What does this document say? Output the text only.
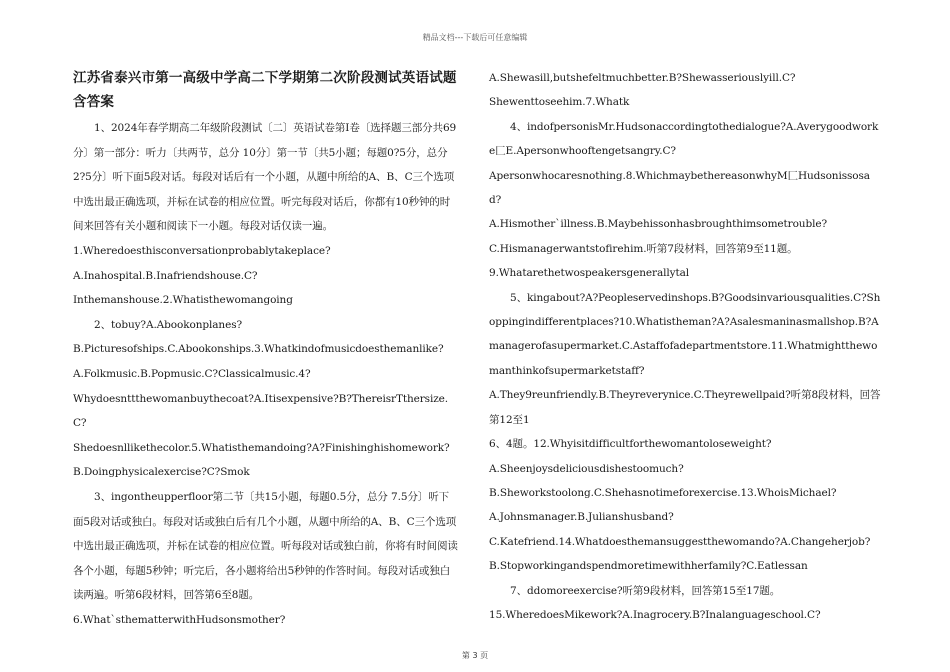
精品文档---下载后可任意编辑
江苏省泰兴市第一高级中学高二下学期第二次阶段测试英语试题含答案

1、2024年春学期高二年级阶段测试〔二〕英语试卷第Ⅰ卷〔选择题三部分共69分〕第一部分：听力〔共两节，总分 10分〕第一节〔共5小题；每题0?5分，总分 2?5分〕听下面5段对话。每段对话后有一个小题，从题中所给的A、B、C三个选项中选出最正确选项，并标在试卷的相应位置。听完每段对话后，你都有10秒钟的时间来回答有关小题和阅读下一小题。每段对话仅读一遍。

1.Wheredoesthisconversationprobablytakeplace?

A.Inahospital.B.Inafriendshouse.C?

Inthemanshouse.2.Whatisthewomangoing

2、tobuy?A.Abookonplanes?

B.Picturesofships.C.Abookonships.3.Whatkindofmusicdoesthemanlike?

A.Folkmusic.B.Popmusic.C?Classicalmusic.4?

Whydoesnttthewomanbuythecoat?A.Itisexpensive?B?ThereisrTthersize.C?

Shedoesnllikethecolor.5.Whatisthemandoing?A?Finishinghishomework?

B.Doingphysicalexercise?C?Smok

3、ingontheupperfloor第二节〔共15小题，每题0.5分，总分 7.5分〕听下面5段对话或独白。每段对话或独白后有几个小题，从题中所给的A、B、C三个选项中选出最正确选项，并标在试卷的相应位置。听每段对话或独白前，你将有时间阅读各个小题，每题5秒钟；听完后，各小题将给出5秒钟的作答时间。每段对话或独白读两遍。听第6段材料，回答第6至8题。

6.What`sthematterwithHudsonsmother?

A.Shewasill,butshefeltmuchbetter.B?Shewasseriouslyill.C?

Shewenttoseehim.7.Whatk

4、indofpersonisMr.Hudsonaccordingtothedialogue?A.Averygoodworke匚E.Apersonwhooftengetsangry.C?

Apersonwhocaresnothing.8.WhichmaybethereasonwhyM匚Hudsonissosad?

A.Hismother`illness.B.Maybehissonhasbroughthimsometrouble?

C.Hismanagerwantstofirehim.听第7段材料，回答第9至11题。

9.Whatarethetwospeakersgenerallytal

5、kingabout?A?Peopleservedinshops.B?Goodsinvariousqualities.C?Shoppingindifferentplaces?10.Whatistheman?A?Asalesmaninasmallshop.B?Amanagerofasupermarket.C.Astaffofadepartmentstore.11.Whatmightthewomanthinkofsupermarketstaff?

A.They9reunfriendly.B.Theyreverynice.C.Theyrewellpaid?听第8段材料，回答第12至1

6、4题。12.Whyisitdifficultforthewomantoloseweight?

A.Sheenjoysdeliciousdishestoomuch?

B.Sheworkstoolong.C.Shehasnotimeforexercise.13.WhoisMichael?

A.Johnsmanager.B.Julianshusband?

C.Katefriend.14.Whatdoesthemansuggestthewomando?A.Changeherjob?

B.Stopworkingandspendmoretimewithherfamily?C.Eatlessan

7、ddomoreexercise?听第9段材料，回答第15至17题。

15.WheredoesMikework?A.Inagrocery.B?Inalanguageschool.C?

第 3 页
